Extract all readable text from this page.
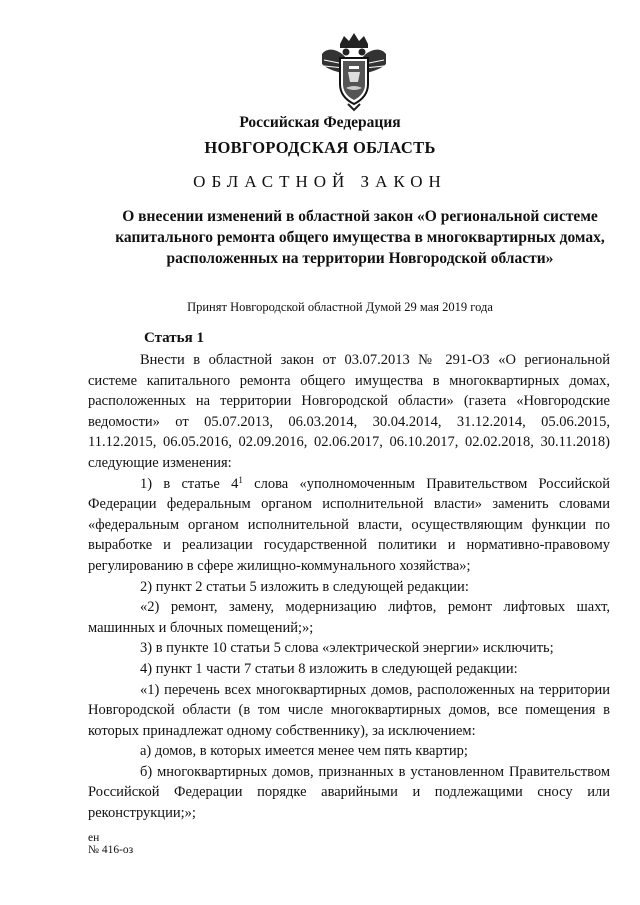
Российская Федерация
НОВГОРОДСКАЯ ОБЛАСТЬ
ОБЛАСТНОЙ ЗАКОН
О внесении изменений в областной закон «О региональной системе капитального ремонта общего имущества в многоквартирных домах, расположенных на территории Новгородской области»
Принят Новгородской областной Думой 29 мая 2019 года
Статья 1

Внести в областной закон от 03.07.2013 № 291-ОЗ «О региональной системе капитального ремонта общего имущества в многоквартирных домах, расположенных на территории Новгородской области» (газета «Новгородские ведомости» от 05.07.2013, 06.03.2014, 30.04.2014, 31.12.2014, 05.06.2015, 11.12.2015, 06.05.2016, 02.09.2016, 02.06.2017, 06.10.2017, 02.02.2018, 30.11.2018) следующие изменения:

1) в статье $4^1$ слова «уполномоченным Правительством Российской Федерации федеральным органом исполнительной власти» заменить словами «федеральным органом исполнительной власти, осуществляющим функции по выработке и реализации государственной политики и нормативно-правовому регулированию в сфере жилищно-коммунального хозяйства»;

2) пункт 2 статьи 5 изложить в следующей редакции:

«2) ремонт, замену, модернизацию лифтов, ремонт лифтовых шахт, машинных и блочных помещений;»;

3) в пункте 10 статьи 5 слова «электрической энергии» исключить;

4) пункт 1 части 7 статьи 8 изложить в следующей редакции:

«1) перечень всех многоквартирных домов, расположенных на территории Новгородской области (в том числе многоквартирных домов, все помещения в которых принадлежат одному собственнику), за исключением:

а) домов, в которых имеется менее чем пять квартир;

б) многоквартирных домов, признанных в установленном Правительством Российской Федерации порядке аварийными и подлежащими сносу или реконструкции;»;

ен
№ 416-оз
